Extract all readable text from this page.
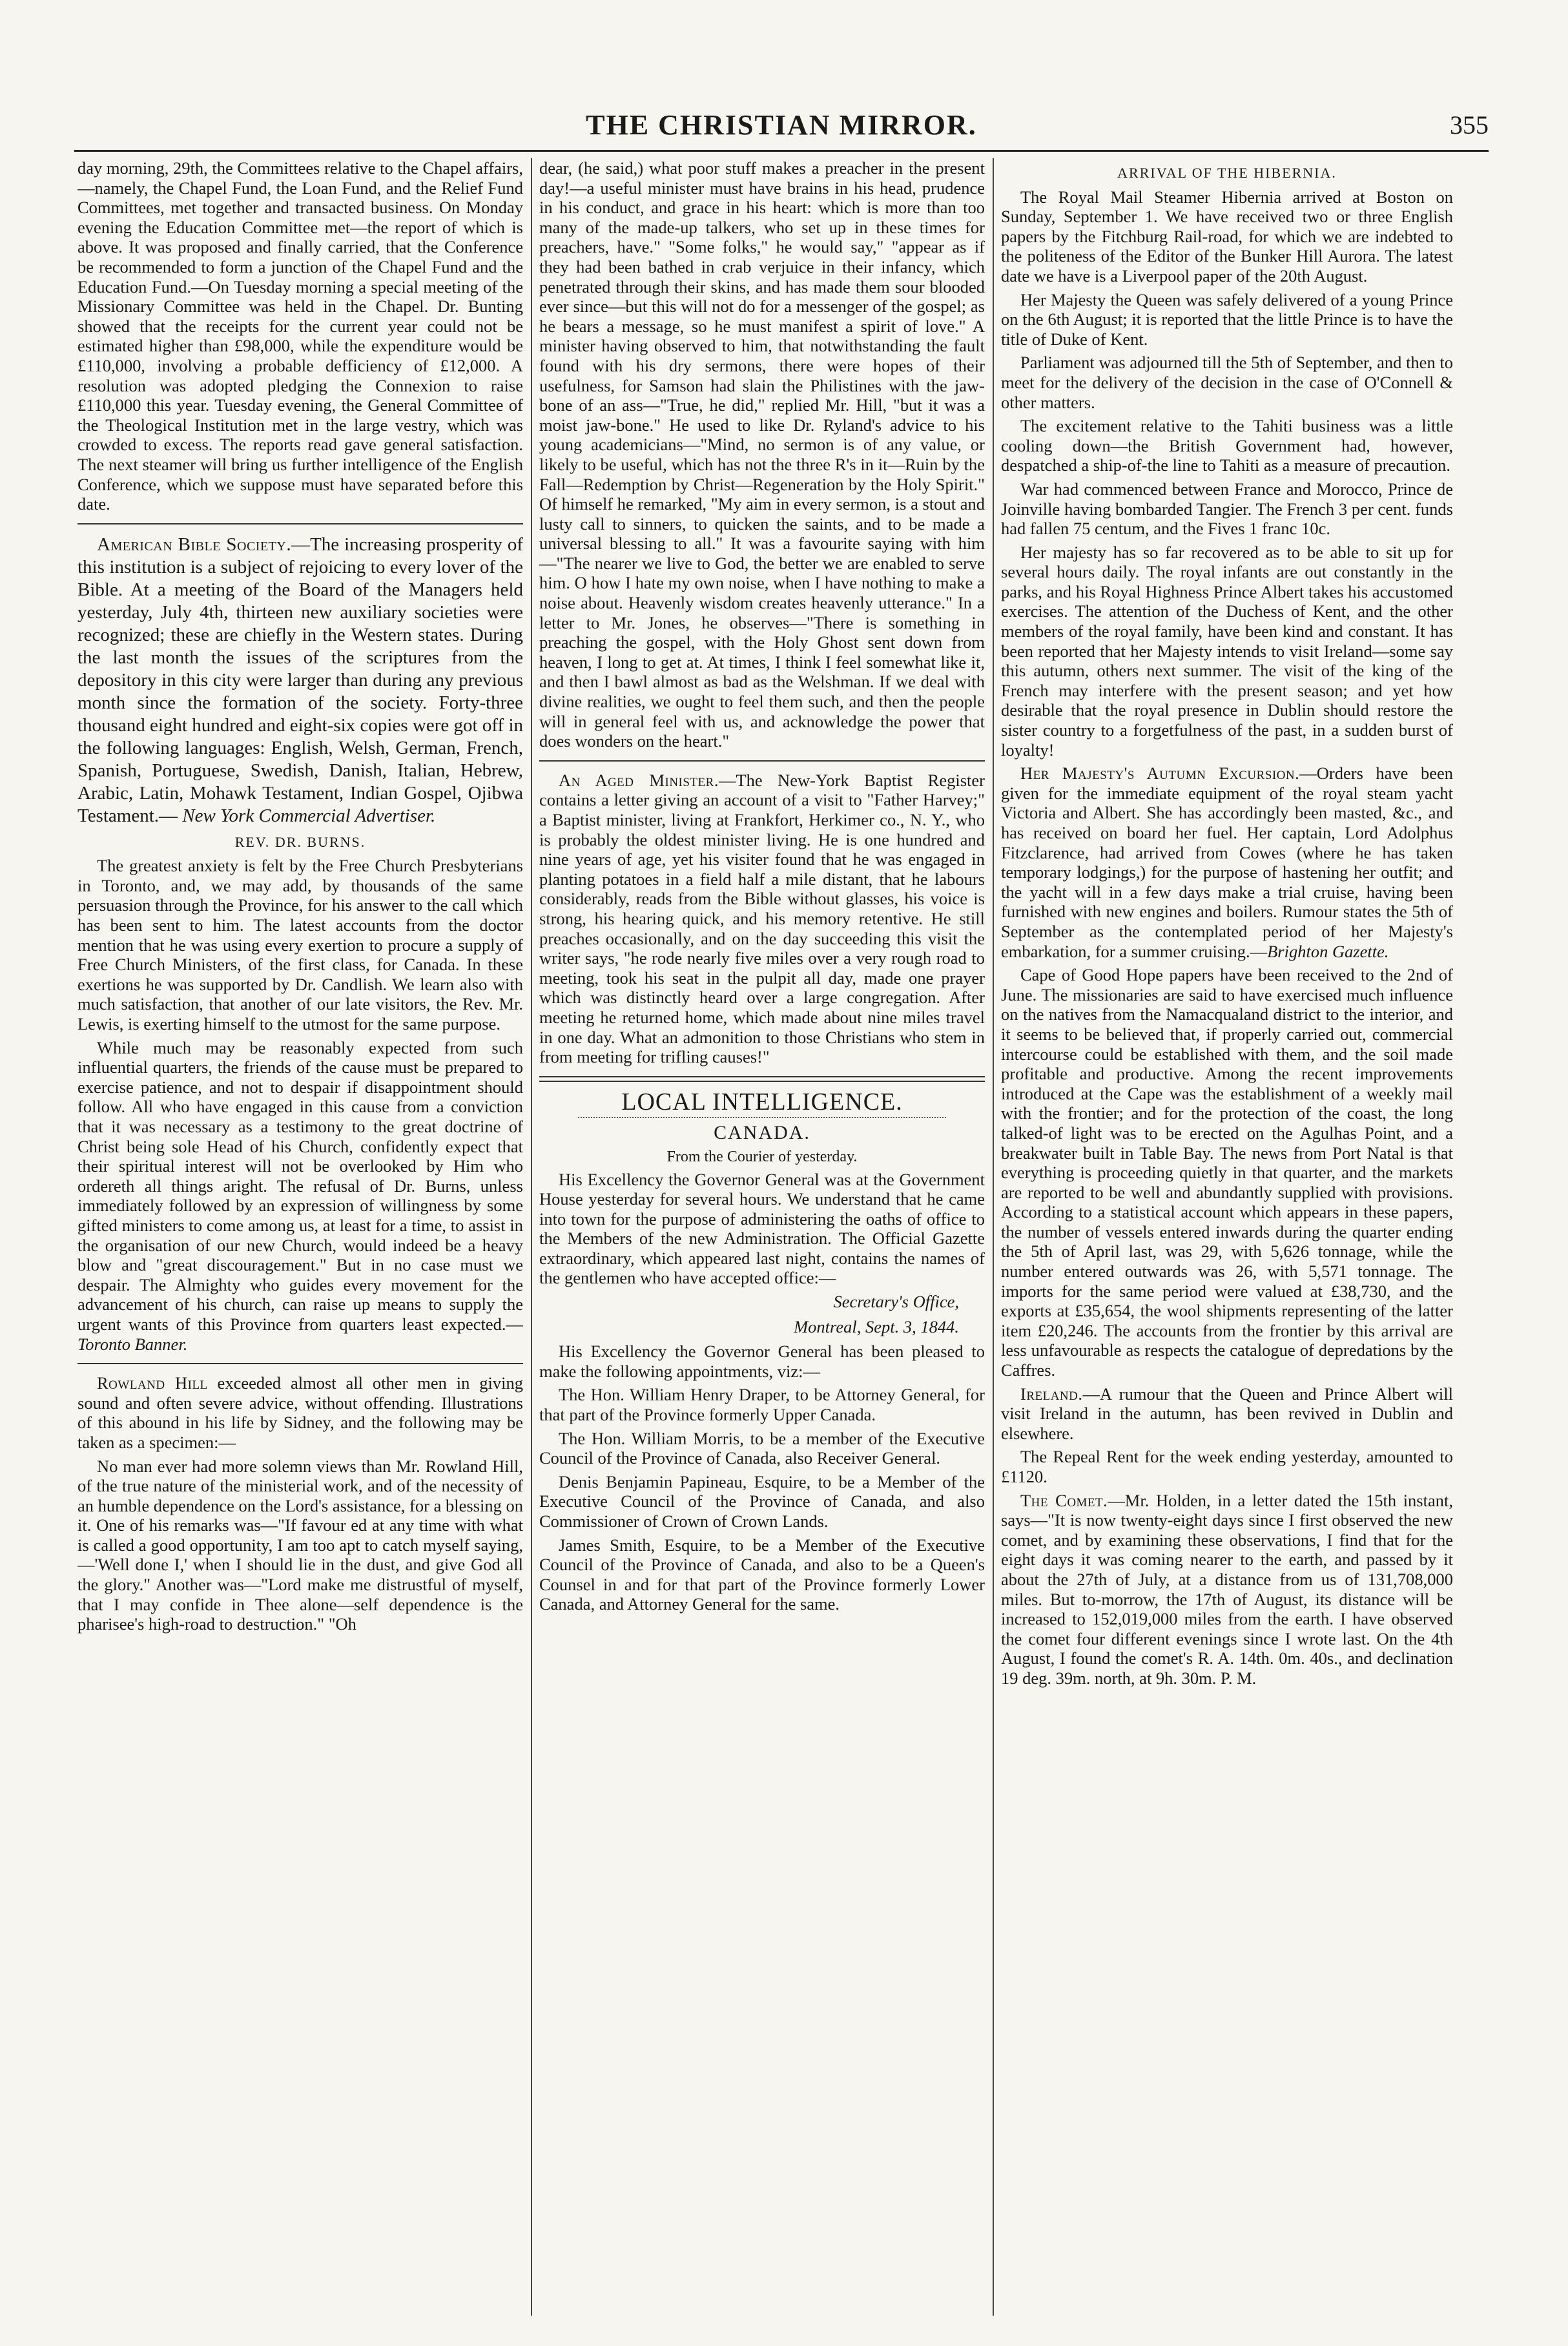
THE CHRISTIAN MIRROR.	355

day morning, 29th, the Committees relative to the Chapel affairs,—namely, the Chapel Fund, the Loan Fund, and the Relief Fund Committees, met together and transacted business. On Monday evening the Education Committee met—the report of which is above. It was proposed and finally carried, that the Conference be recommended to form a junction of the Chapel Fund and the Education Fund.—On Tuesday morning a special meeting of the Missionary Committee was held in the Chapel. Dr. Bunting showed that the receipts for the current year could not be estimated higher than £98,000, while the expenditure would be £110,000, involving a probable defficiency of £12,000. A resolution was adopted pledging the Connexion to raise £110,000 this year. Tuesday evening, the General Committee of the Theological Institution met in the large vestry, which was crowded to excess. The reports read gave general satisfaction. The next steamer will bring us further intelligence of the English Conference, which we suppose must have separated before this date.

American Bible Society.—The increasing prosperity of this institution is a subject of rejoicing to every lover of the Bible. At a meeting of the Board of the Managers held yesterday, July 4th, thirteen new auxiliary societies were recognized; these are chiefly in the Western states. During the last month the issues of the scriptures from the depository in this city were larger than during any previous month since the formation of the society. Forty-three thousand eight hundred and eight-six copies were got off in the following languages: English, Welsh, German, French, Spanish, Portuguese, Swedish, Danish, Italian, Hebrew, Arabic, Latin, Mohawk Testament, Indian Gospel, Ojibwa Testament.— New York Commercial Advertiser.

REV. DR. BURNS.

The greatest anxiety is felt by the Free Church Presbyterians in Toronto, and, we may add, by thousands of the same persuasion through the Province, for his answer to the call which has been sent to him. The latest accounts from the doctor mention that he was using every exertion to procure a supply of Free Church Ministers, of the first class, for Canada. In these exertions he was supported by Dr. Candlish. We learn also with much satisfaction, that another of our late visitors, the Rev. Mr. Lewis, is exerting himself to the utmost for the same purpose.

While much may be reasonably expected from such influential quarters, the friends of the cause must be prepared to exercise patience, and not to despair if disappointment should follow. All who have engaged in this cause from a conviction that it was necessary as a testimony to the great doctrine of Christ being sole Head of his Church, confidently expect that their spiritual interest will not be overlooked by Him who ordereth all things aright. The refusal of Dr. Burns, unless immediately followed by an expression of willingness by some gifted ministers to come among us, at least for a time, to assist in the organisation of our new Church, would indeed be a heavy blow and "great discouragement." But in no case must we despair. The Almighty who guides every movement for the advancement of his church, can raise up means to supply the urgent wants of this Province from quarters least expected.—Toronto Banner.

Rowland Hill exceeded almost all other men in giving sound and often severe advice, without offending. Illustrations of this abound in his life by Sidney, and the following may be taken as a specimen:—

No man ever had more solemn views than Mr. Rowland Hill, of the true nature of the ministerial work, and of the necessity of an humble dependence on the Lord's assistance, for a blessing on it. One of his remarks was—"If favour ed at any time with what is called a good opportunity, I am too apt to catch myself saying,—'Well done I,' when I should lie in the dust, and give God all the glory." Another was—"Lord make me distrustful of myself, that I may confide in Thee alone—self dependence is the pharisee's high-road to destruction." "Oh

dear, (he said,) what poor stuff makes a preacher in the present day!—a useful minister must have brains in his head, prudence in his conduct, and grace in his heart: which is more than too many of the made-up talkers, who set up in these times for preachers, have." "Some folks," he would say," "appear as if they had been bathed in crab verjuice in their infancy, which penetrated through their skins, and has made them sour blooded ever since—but this will not do for a messenger of the gospel; as he bears a message, so he must manifest a spirit of love." A minister having observed to him, that notwithstanding the fault found with his dry sermons, there were hopes of their usefulness, for Samson had slain the Philistines with the jaw-bone of an ass—"True, he did," replied Mr. Hill, "but it was a moist jaw-bone." He used to like Dr. Ryland's advice to his young academicians—"Mind, no sermon is of any value, or likely to be useful, which has not the three R's in it—Ruin by the Fall—Redemption by Christ—Regeneration by the Holy Spirit." Of himself he remarked, "My aim in every sermon, is a stout and lusty call to sinners, to quicken the saints, and to be made a universal blessing to all." It was a favourite saying with him—"The nearer we live to God, the better we are enabled to serve him. O how I hate my own noise, when I have nothing to make a noise about. Heavenly wisdom creates heavenly utterance." In a letter to Mr. Jones, he observes—"There is something in preaching the gospel, with the Holy Ghost sent down from heaven, I long to get at. At times, I think I feel somewhat like it, and then I bawl almost as bad as the Welshman. If we deal with divine realities, we ought to feel them such, and then the people will in general feel with us, and acknowledge the power that does wonders on the heart."

An Aged Minister.—The New-York Baptist Register contains a letter giving an account of a visit to "Father Harvey;" a Baptist minister, living at Frankfort, Herkimer co., N. Y., who is probably the oldest minister living. He is one hundred and nine years of age, yet his visiter found that he was engaged in planting potatoes in a field half a mile distant, that he labours considerably, reads from the Bible without glasses, his voice is strong, his hearing quick, and his memory retentive. He still preaches occasionally, and on the day succeeding this visit the writer says, "he rode nearly five miles over a very rough road to meeting, took his seat in the pulpit all day, made one prayer which was distinctly heard over a large congregation. After meeting he returned home, which made about nine miles travel in one day. What an admonition to those Christians who stem in from meeting for trifling causes!"

LOCAL INTELLIGENCE.
CANADA.
From the Courier of yesterday.

His Excellency the Governor General was at the Government House yesterday for several hours. We understand that he came into town for the purpose of administering the oaths of office to the Members of the new Administration. The Official Gazette extraordinary, which appeared last night, contains the names of the gentlemen who have accepted office:—

Secretary's Office,

Montreal, Sept. 3, 1844.

His Excellency the Governor General has been pleased to make the following appointments, viz:—

The Hon. William Henry Draper, to be Attorney General, for that part of the Province formerly Upper Canada.

The Hon. William Morris, to be a member of the Executive Council of the Province of Canada, also Receiver General.

Denis Benjamin Papineau, Esquire, to be a Member of the Executive Council of the Province of Canada, and also Commissioner of Crown of Crown Lands.

James Smith, Esquire, to be a Member of the Executive Council of the Province of Canada, and also to be a Queen's Counsel in and for that part of the Province formerly Lower Canada, and Attorney General for the same.

ARRIVAL OF THE HIBERNIA.

The Royal Mail Steamer Hibernia arrived at Boston on Sunday, September 1. We have received two or three English papers by the Fitchburg Rail-road, for which we are indebted to the politeness of the Editor of the Bunker Hill Aurora. The latest date we have is a Liverpool paper of the 20th August.

Her Majesty the Queen was safely delivered of a young Prince on the 6th August; it is reported that the little Prince is to have the title of Duke of Kent.

Parliament was adjourned till the 5th of September, and then to meet for the delivery of the decision in the case of O'Connell & other matters.

The excitement relative to the Tahiti business was a little cooling down—the British Government had, however, despatched a ship-of-the line to Tahiti as a measure of precaution.

War had commenced between France and Morocco, Prince de Joinville having bombarded Tangier. The French 3 per cent. funds had fallen 75 centum, and the Fives 1 franc 10c.

Her majesty has so far recovered as to be able to sit up for several hours daily. The royal infants are out constantly in the parks, and his Royal Highness Prince Albert takes his accustomed exercises. The attention of the Duchess of Kent, and the other members of the royal family, have been kind and constant. It has been reported that her Majesty intends to visit Ireland—some say this autumn, others next summer. The visit of the king of the French may interfere with the present season; and yet how desirable that the royal presence in Dublin should restore the sister country to a forgetfulness of the past, in a sudden burst of loyalty!

Her Majesty's Autumn Excursion.—Orders have been given for the immediate equipment of the royal steam yacht Victoria and Albert. She has accordingly been masted, &c., and has received on board her fuel. Her captain, Lord Adolphus Fitzclarence, had arrived from Cowes (where he has taken temporary lodgings,) for the purpose of hastening her outfit; and the yacht will in a few days make a trial cruise, having been furnished with new engines and boilers. Rumour states the 5th of September as the contemplated period of her Majesty's embarkation, for a summer cruising.—Brighton Gazette.

Cape of Good Hope papers have been received to the 2nd of June. The missionaries are said to have exercised much influence on the natives from the Namacqualand district to the interior, and it seems to be believed that, if properly carried out, commercial intercourse could be established with them, and the soil made profitable and productive. Among the recent improvements introduced at the Cape was the establishment of a weekly mail with the frontier; and for the protection of the coast, the long talked-of light was to be erected on the Agulhas Point, and a breakwater built in Table Bay. The news from Port Natal is that everything is proceeding quietly in that quarter, and the markets are reported to be well and abundantly supplied with provisions. According to a statistical account which appears in these papers, the number of vessels entered inwards during the quarter ending the 5th of April last, was 29, with 5,626 tonnage, while the number entered outwards was 26, with 5,571 tonnage. The imports for the same period were valued at £38,730, and the exports at £35,654, the wool shipments representing of the latter item £20,246. The accounts from the frontier by this arrival are less unfavourable as respects the catalogue of depredations by the Caffres.

Ireland.—A rumour that the Queen and Prince Albert will visit Ireland in the autumn, has been revived in Dublin and elsewhere.

The Repeal Rent for the week ending yesterday, amounted to £1120.

The Comet.—Mr. Holden, in a letter dated the 15th instant, says—"It is now twenty-eight days since I first observed the new comet, and by examining these observations, I find that for the eight days it was coming nearer to the earth, and passed by it about the 27th of July, at a distance from us of 131,708,000 miles. But to-morrow, the 17th of August, its distance will be increased to 152,019,000 miles from the earth. I have observed the comet four different evenings since I wrote last. On the 4th August, I found the comet's R. A. 14th. 0m. 40s., and declination 19 deg. 39m. north, at 9h. 30m. P. M.
